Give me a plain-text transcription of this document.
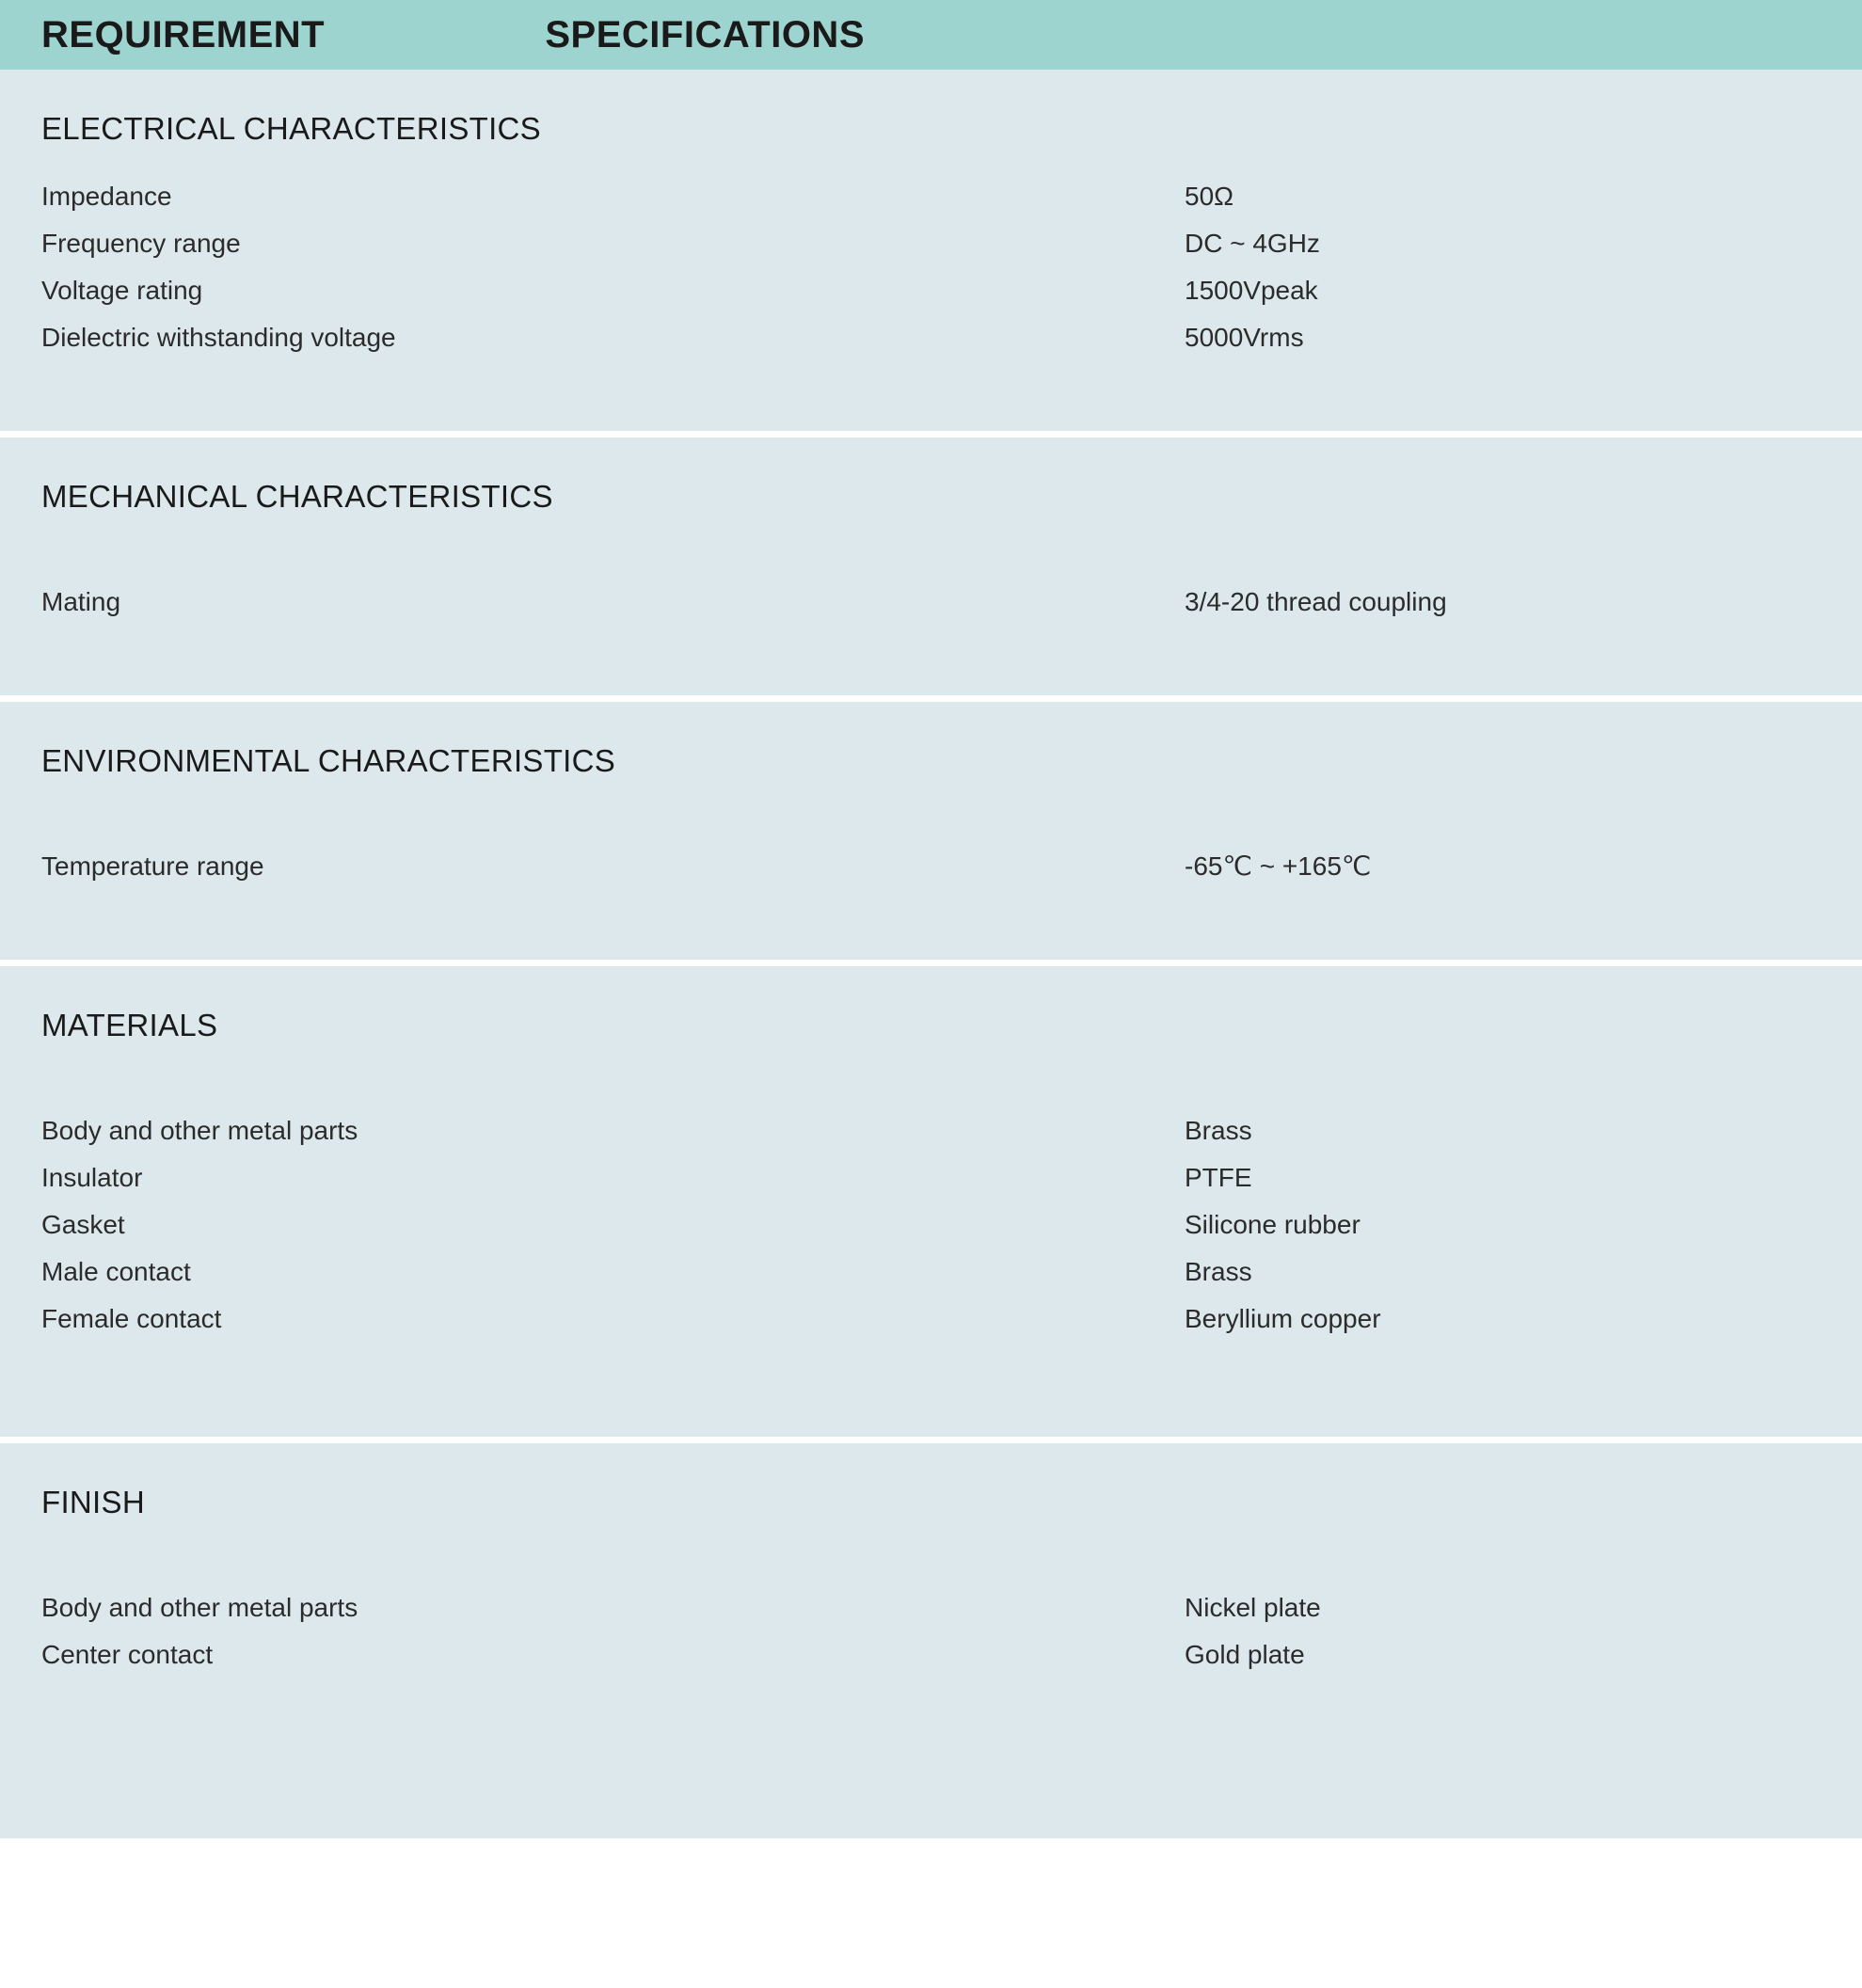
REQUIREMENT	SPECIFICATIONS
ELECTRICAL CHARACTERISTICS
Impedance	50Ω
Frequency range	DC ~ 4GHz
Voltage rating	1500Vpeak
Dielectric withstanding voltage	5000Vrms
MECHANICAL CHARACTERISTICS
Mating	3/4-20 thread coupling
ENVIRONMENTAL CHARACTERISTICS
Temperature range	-65℃ ~ +165℃
MATERIALS
Body and other metal parts	Brass
Insulator	PTFE
Gasket	Silicone rubber
Male contact	Brass
Female contact	Beryllium copper
FINISH
Body and other metal parts	Nickel plate
Center contact	Gold plate
